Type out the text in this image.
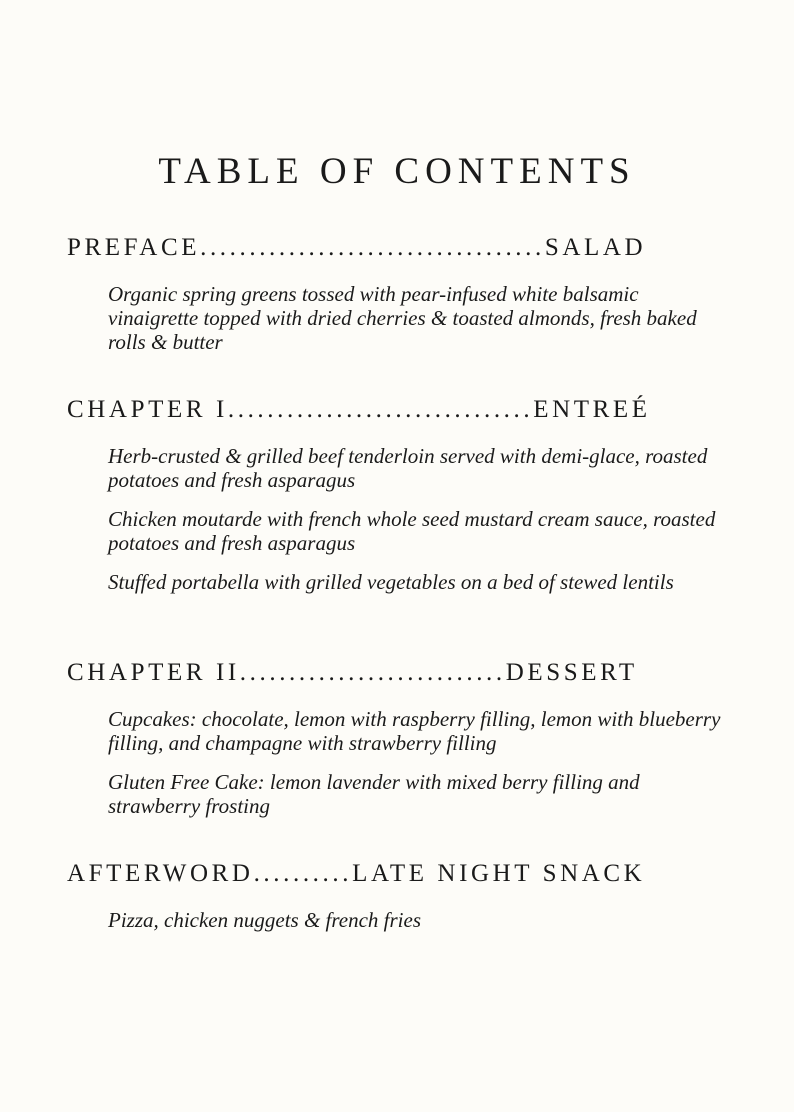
TABLE OF CONTENTS
PREFACE...................................SALAD

Organic spring greens tossed with pear-infused white balsamic vinaigrette topped with dried cherries & toasted almonds, fresh baked rolls & butter

CHAPTER I...............................ENTREÉ

Herb-crusted & grilled beef tenderloin served with demi-glace, roasted potatoes and fresh asparagus

Chicken moutarde with french whole seed mustard cream sauce, roasted potatoes and fresh asparagus

Stuffed portabella with grilled vegetables on a bed of stewed lentils

CHAPTER II...........................DESSERT

Cupcakes: chocolate, lemon with raspberry filling, lemon with blueberry filling, and champagne with strawberry filling

Gluten Free Cake: lemon lavender with mixed berry filling and strawberry frosting

AFTERWORD..........LATE NIGHT SNACK

Pizza, chicken nuggets & french fries
